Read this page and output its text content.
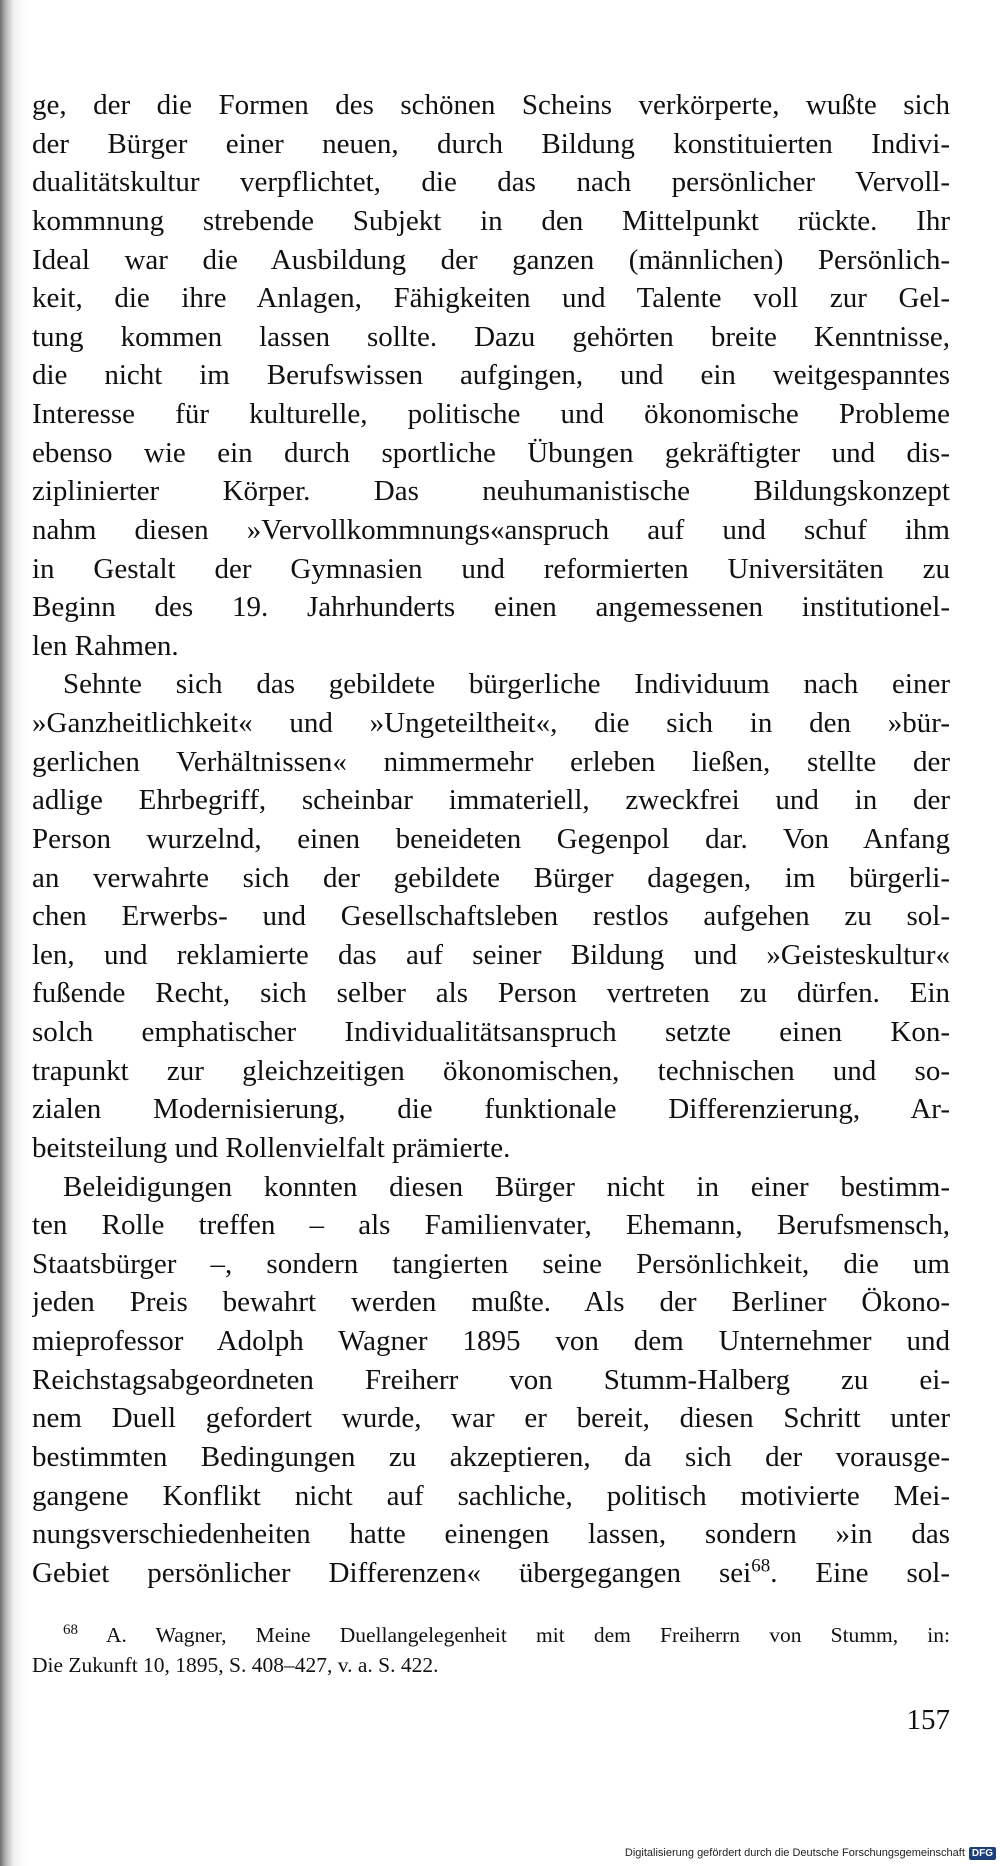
ge, der die Formen des schönen Scheins verkörperte, wußte sich
der Bürger einer neuen, durch Bildung konstituierten Indivi-
dualitätskultur verpflichtet, die das nach persönlicher Vervoll-
kommnung strebende Subjekt in den Mittelpunkt rückte. Ihr
Ideal war die Ausbildung der ganzen (männlichen) Persönlich-
keit, die ihre Anlagen, Fähigkeiten und Talente voll zur Gel-
tung kommen lassen sollte. Dazu gehörten breite Kenntnisse,
die nicht im Berufswissen aufgingen, und ein weitgespanntes
Interesse für kulturelle, politische und ökonomische Probleme
ebenso wie ein durch sportliche Übungen gekräftigter und dis-
ziplinierter Körper. Das neuhumanistische Bildungskonzept
nahm diesen »Vervollkommnungs«anspruch auf und schuf ihm
in Gestalt der Gymnasien und reformierten Universitäten zu
Beginn des 19. Jahrhunderts einen angemessenen institutionel-
len Rahmen.
Sehnte sich das gebildete bürgerliche Individuum nach einer
»Ganzheitlichkeit« und »Ungeteiltheit«, die sich in den »bür-
gerlichen Verhältnissen« nimmermehr erleben ließen, stellte der
adlige Ehrbegriff, scheinbar immateriell, zweckfrei und in der
Person wurzelnd, einen beneideten Gegenpol dar. Von Anfang
an verwahrte sich der gebildete Bürger dagegen, im bürgerli-
chen Erwerbs- und Gesellschaftsleben restlos aufgehen zu sol-
len, und reklamierte das auf seiner Bildung und »Geisteskultur«
fußende Recht, sich selber als Person vertreten zu dürfen. Ein
solch emphatischer Individualitätsanspruch setzte einen Kon-
trapunkt zur gleichzeitigen ökonomischen, technischen und so-
zialen Modernisierung, die funktionale Differenzierung, Ar-
beitsteilung und Rollenvielfalt prämierte.
Beleidigungen konnten diesen Bürger nicht in einer bestimm-
ten Rolle treffen – als Familienvater, Ehemann, Berufsmensch,
Staatsbürger –, sondern tangierten seine Persönlichkeit, die um
jeden Preis bewahrt werden mußte. Als der Berliner Ökono-
mieprofessor Adolph Wagner 1895 von dem Unternehmer und
Reichstagsabgeordneten Freiherr von Stumm-Halberg zu ei-
nem Duell gefordert wurde, war er bereit, diesen Schritt unter
bestimmten Bedingungen zu akzeptieren, da sich der vorausge-
gangene Konflikt nicht auf sachliche, politisch motivierte Mei-
nungsverschiedenheiten hatte einengen lassen, sondern »in das
Gebiet persönlicher Differenzen« übergegangen sei$^{68}$. Eine sol-
$^{68}$ A. Wagner, Meine Duellangelegenheit mit dem Freiherrn von Stumm, in:
Die Zukunft 10, 1895, S. 408–427, v. a. S. 422.
157
Digitalisierung gefördert durch die Deutsche Forschungsgemeinschaft DFG
